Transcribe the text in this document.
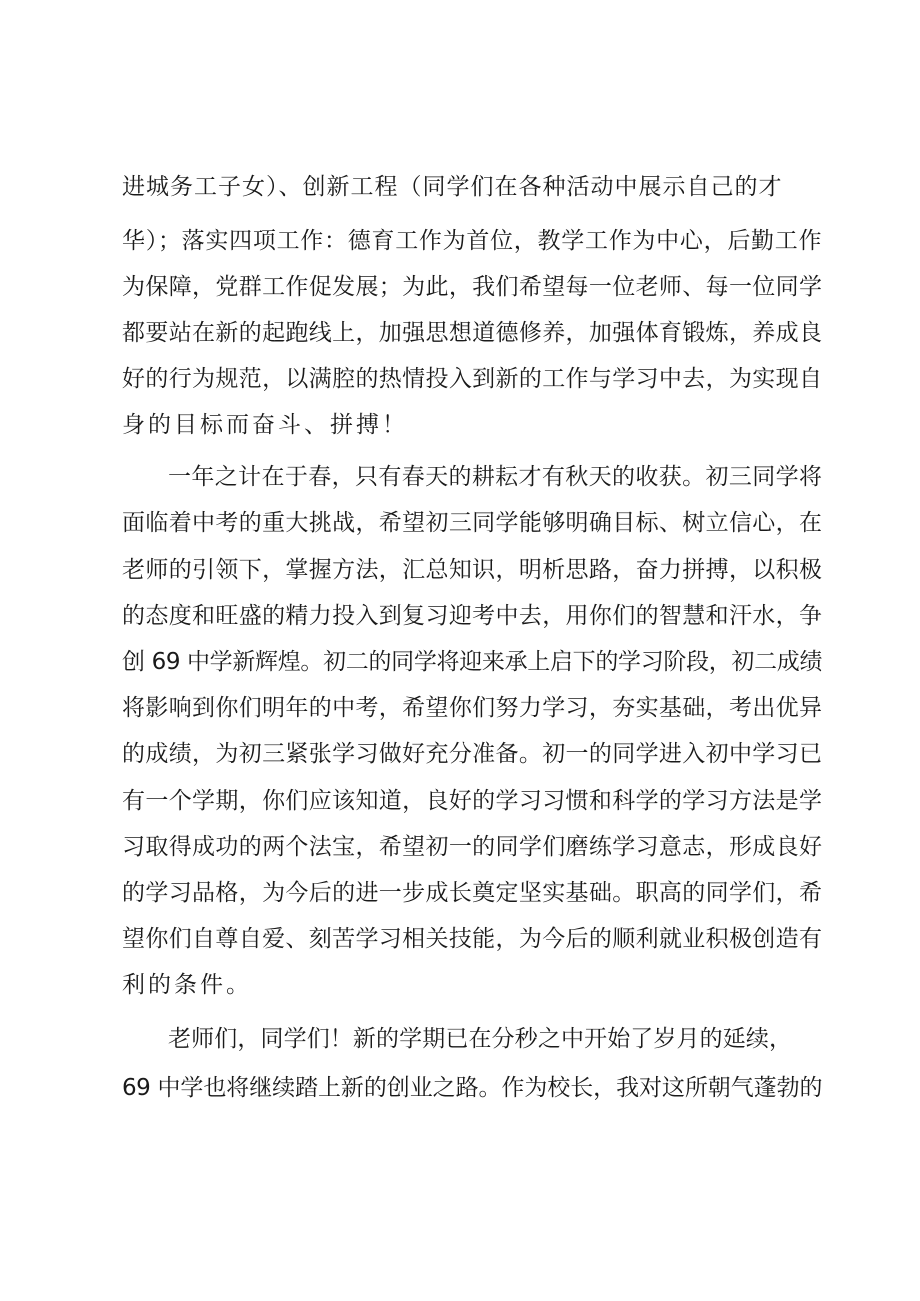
进城务工子女）、创新工程（同学们在各种活动中展示自己的才
华）；落实四项工作：德育工作为首位，教学工作为中心，后勤工作
为保障，党群工作促发展；为此，我们希望每一位老师、每一位同学
都要站在新的起跑线上，加强思想道德修养，加强体育锻炼，养成良
好的行为规范，以满腔的热情投入到新的工作与学习中去，为实现自
身的目标而奋斗、拼搏！
一年之计在于春，只有春天的耕耘才有秋天的收获。初三同学将
面临着中考的重大挑战，希望初三同学能够明确目标、树立信心，在
老师的引领下，掌握方法，汇总知识，明析思路，奋力拼搏，以积极
的态度和旺盛的精力投入到复习迎考中去，用你们的智慧和汗水，争
创 69 中学新辉煌。初二的同学将迎来承上启下的学习阶段，初二成绩
将影响到你们明年的中考，希望你们努力学习，夯实基础，考出优异
的成绩，为初三紧张学习做好充分准备。初一的同学进入初中学习已
有一个学期，你们应该知道，良好的学习习惯和科学的学习方法是学
习取得成功的两个法宝，希望初一的同学们磨练学习意志，形成良好
的学习品格，为今后的进一步成长奠定坚实基础。职高的同学们，希
望你们自尊自爱、刻苦学习相关技能，为今后的顺利就业积极创造有
利的条件。
老师们，同学们！新的学期已在分秒之中开始了岁月的延续，
69 中学也将继续踏上新的创业之路。作为校长，我对这所朝气蓬勃的
